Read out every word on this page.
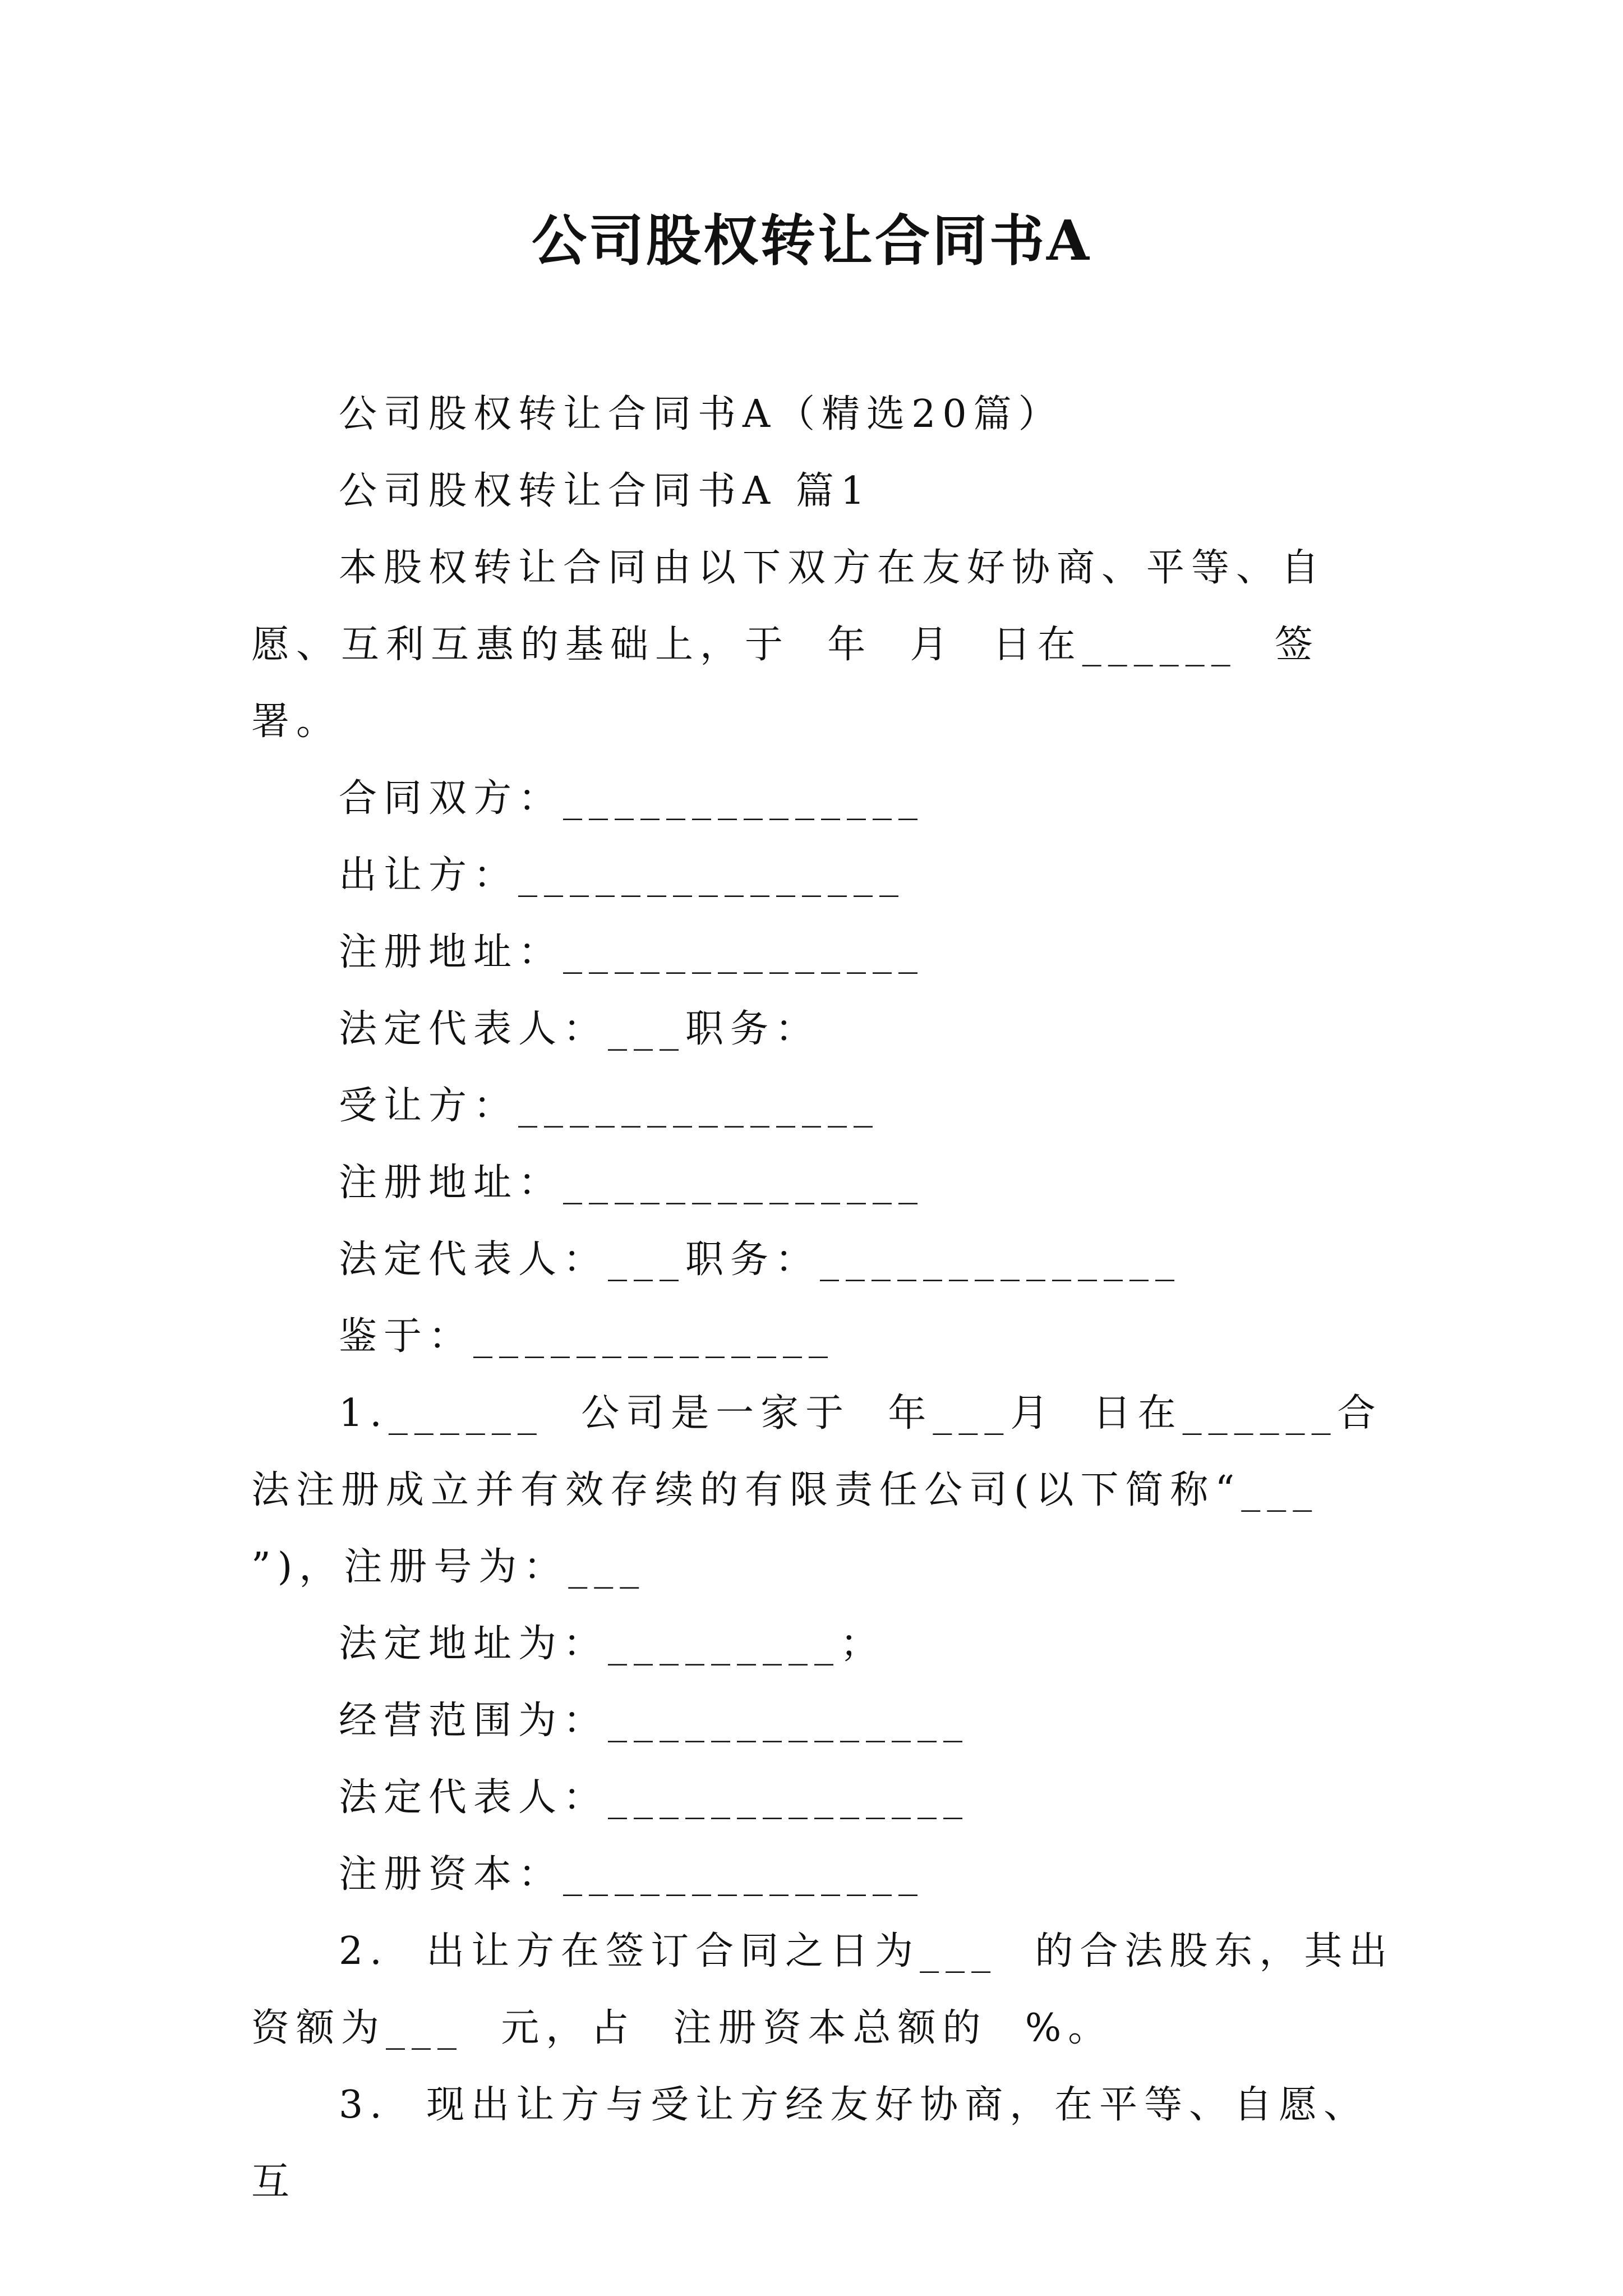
公司股权转让合同书A

公司股权转让合同书A（精选20篇）

公司股权转让合同书A 篇1

本股权转让合同由以下双方在友好协商、平等、自愿、互利互惠的基础上，于  年  月  日在______  签署。

合同双方：______________

出让方：_______________

注册地址：______________

法定代表人：___职务：

受让方：______________

注册地址：______________

法定代表人：___职务：______________

鉴于：______________

1.______  公司是一家于  年___月  日在______合法注册成立并有效存续的有限责任公司(以下简称“___  ”)，注册号为：___

法定地址为：_________；

经营范围为：______________

法定代表人：______________

注册资本：______________

2.  出让方在签订合同之日为___  的合法股东，其出资额为___  元，占  注册资本总额的  %。

3.  现出让方与受让方经友好协商，在平等、自愿、互
